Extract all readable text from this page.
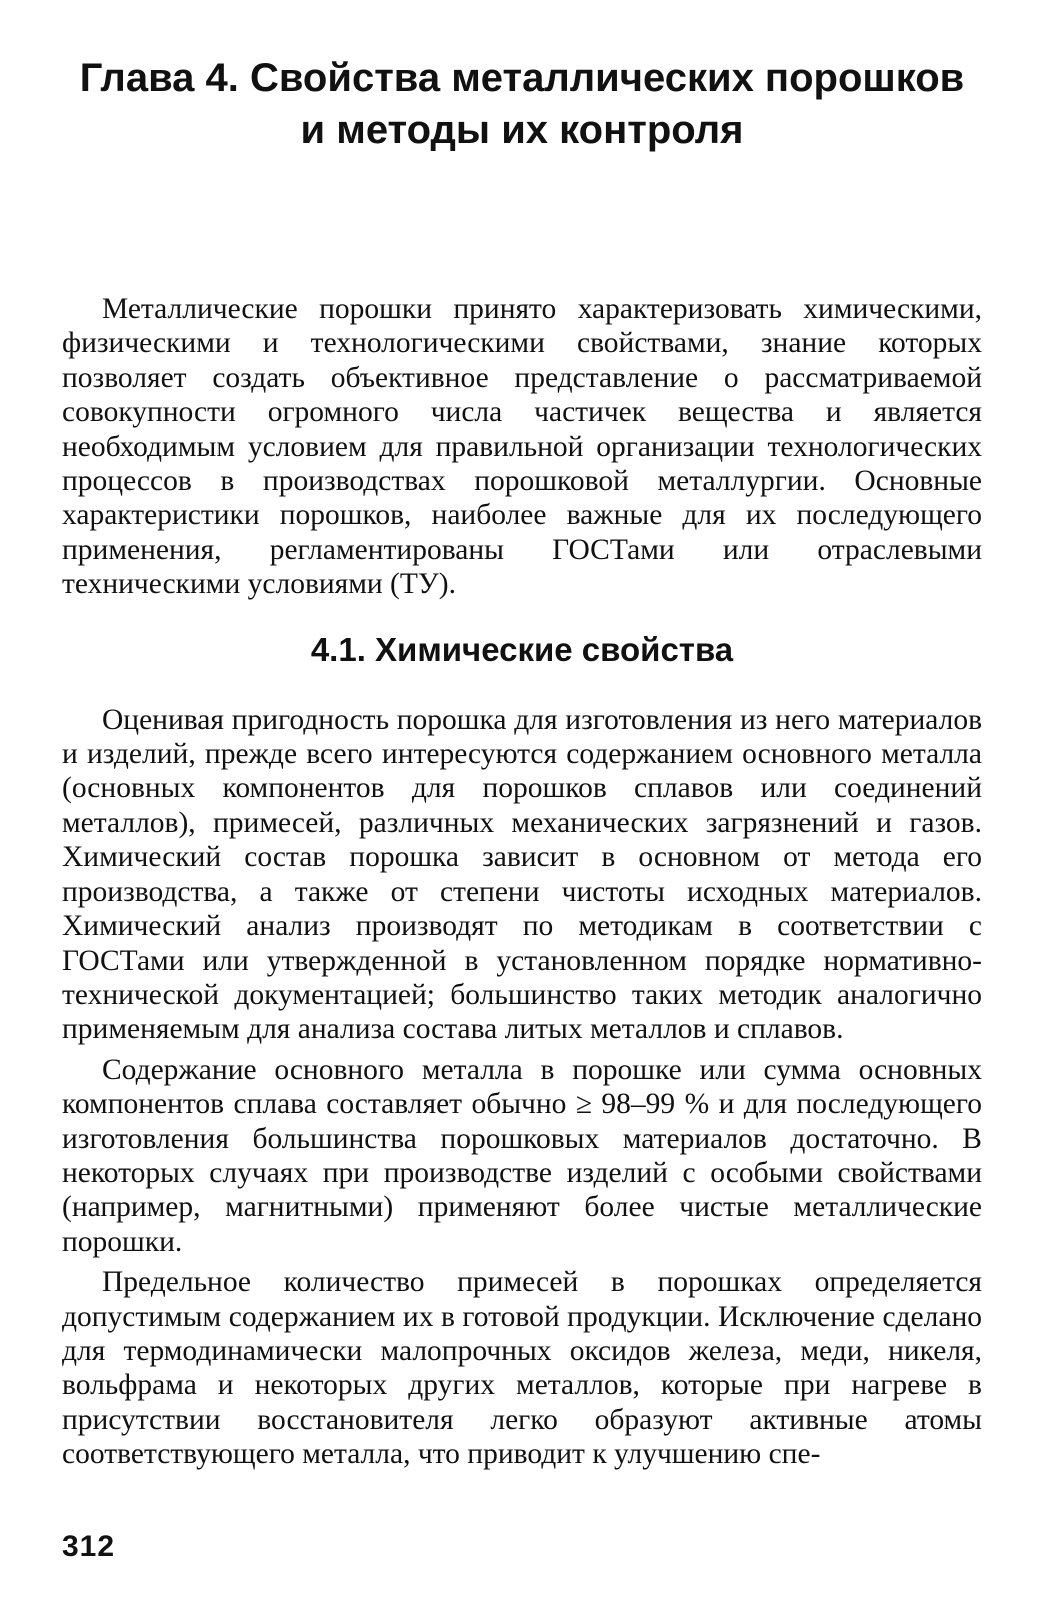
Глава 4. Свойства металлических порошков
и методы их контроля

Металлические порошки принято характеризовать химическими, физическими и технологическими свойствами, знание которых позволяет создать объективное представление о рассматриваемой совокупности огромного числа частичек вещества и является необходимым условием для правильной организации технологических процессов в производствах порошковой металлургии. Основные характеристики порошков, наиболее важные для их последующего применения, регламентированы ГОСТами или отраслевыми техническими условиями (ТУ).

4.1. Химические свойства

Оценивая пригодность порошка для изготовления из него материалов и изделий, прежде всего интересуются содержанием основного металла (основных компонентов для порошков сплавов или соединений металлов), примесей, различных механических загрязнений и газов. Химический состав порошка зависит в основном от метода его производства, а также от степени чистоты исходных материалов. Химический анализ производят по методикам в соответствии с ГОСТами или утвержденной в установленном порядке нормативно-технической документацией; большинство таких методик аналогично применяемым для анализа состава литых металлов и сплавов.

Содержание основного металла в порошке или сумма основных компонентов сплава составляет обычно ≥ 98–99 % и для последующего изготовления большинства порошковых материалов достаточно. В некоторых случаях при производстве изделий с особыми свойствами (например, магнитными) применяют более чистые металлические порошки.

Предельное количество примесей в порошках определяется допустимым содержанием их в готовой продукции. Исключение сделано для термодинамически малопрочных оксидов железа, меди, никеля, вольфрама и некоторых других металлов, которые при нагреве в присутствии восстановителя легко образуют активные атомы соответствующего металла, что приводит к улучшению спе-

312
